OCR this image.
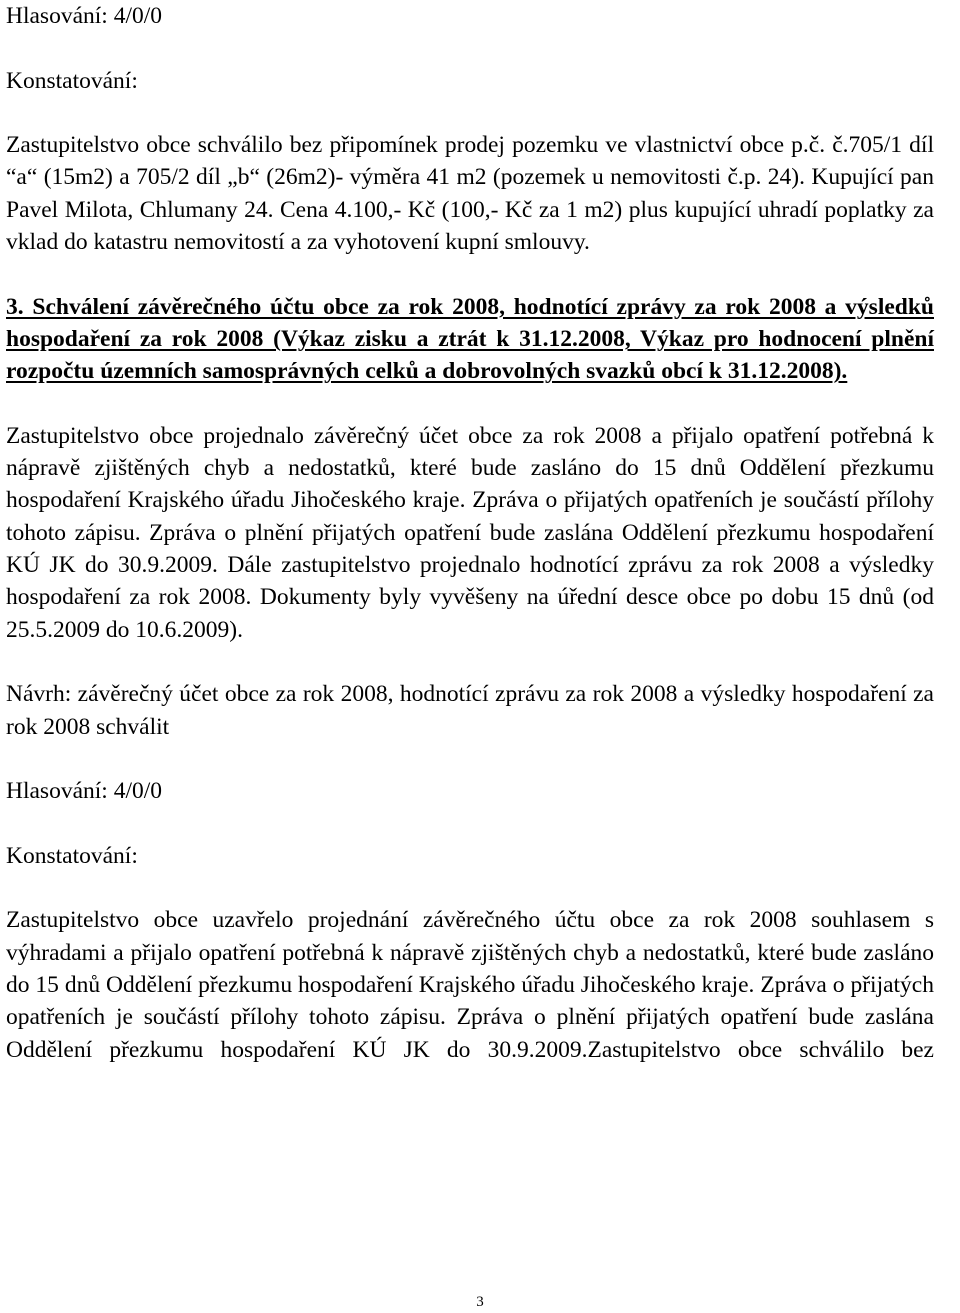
Hlasování: 4/0/0

Konstatování:

Zastupitelstvo obce schválilo bez připomínek prodej pozemku ve vlastnictví obce p.č. č.705/1 díl “a“ (15m2) a 705/2 díl „b“ (26m2)- výměra 41 m2 (pozemek u nemovitosti č.p. 24). Kupující pan Pavel Milota, Chlumany 24. Cena 4.100,- Kč (100,- Kč za 1 m2) plus kupující uhradí poplatky za vklad do katastru nemovitostí a za vyhotovení kupní smlouvy.

3. Schválení závěrečného účtu obce za rok 2008, hodnotící zprávy za rok 2008 a výsledků hospodaření za rok 2008 (Výkaz zisku a ztrát k 31.12.2008, Výkaz pro hodnocení plnění rozpočtu územních samosprávných celků a dobrovolných svazků obcí k 31.12.2008).

Zastupitelstvo obce projednalo závěrečný účet obce za rok 2008 a přijalo opatření potřebná k nápravě zjištěných chyb a nedostatků, které bude zasláno do 15 dnů Oddělení přezkumu hospodaření Krajského úřadu Jihočeského kraje. Zpráva o přijatých opatřeních je součástí přílohy tohoto zápisu. Zpráva o plnění přijatých opatření bude zaslána Oddělení přezkumu hospodaření KÚ JK do 30.9.2009. Dále zastupitelstvo projednalo hodnotící zprávu za rok 2008 a výsledky hospodaření za rok 2008. Dokumenty byly vyvěšeny na úřední desce obce po dobu 15 dnů (od 25.5.2009 do 10.6.2009).

Návrh: závěrečný účet obce za rok 2008, hodnotící zprávu za rok 2008 a výsledky hospodaření za rok 2008 schválit

Hlasování: 4/0/0

Konstatování:

Zastupitelstvo obce uzavřelo projednání závěrečného účtu obce za rok 2008 souhlasem s výhradami a přijalo opatření potřebná k nápravě zjištěných chyb a nedostatků, které bude zasláno do 15 dnů Oddělení přezkumu hospodaření Krajského úřadu Jihočeského kraje. Zpráva o přijatých opatřeních je součástí přílohy tohoto zápisu. Zpráva o plnění přijatých opatření bude zaslána Oddělení přezkumu hospodaření KÚ JK do 30.9.2009.Zastupitelstvo obce schválilo bez

3
